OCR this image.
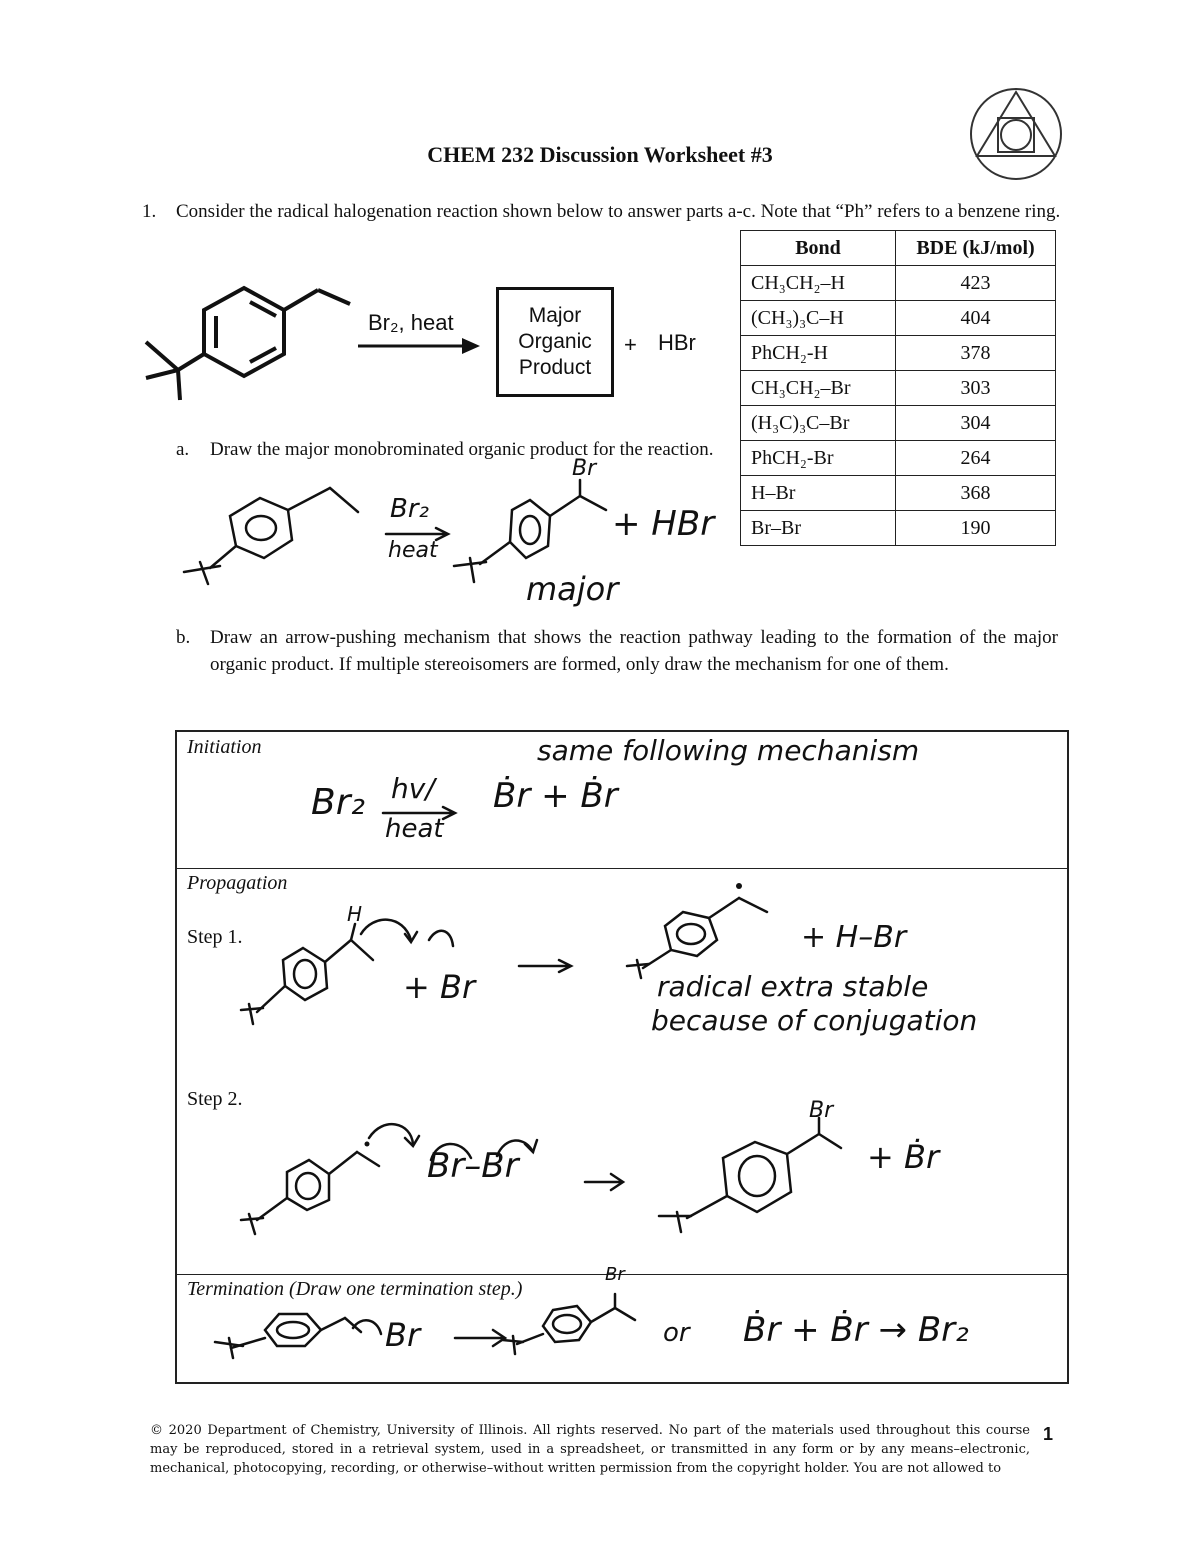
CHEM 232 Discussion Worksheet #3
1. Consider the radical halogenation reaction shown below to answer parts a-c. Note that “Ph” refers to a benzene ring.
Br₂, heat	Major
Organic
Product
+ HBr
Bond	BDE (kJ/mol)
CH₃CH₂–H	423
(CH₃)₃C–H	404
PhCH₂-H	378
CH₃CH₂–Br	303
(H₃C)₃C–Br	304
PhCH₂-Br	264
H–Br	368
Br–Br	190
a. Draw the major monobrominated organic product for the reaction.
Br₂
heat
Br
+ HBr
major
b. Draw an arrow-pushing mechanism that shows the reaction pathway leading to the formation of the major organic product. If multiple stereoisomers are formed, only draw the mechanism for one of them.
Initiation	same following mechanism
Br₂ hv/
heat
Ḃr + Ḃr
Propagation
Step 1.
H
+ Br
+ H–Br
radical extra stable
because of conjugation
Step 2.
Br–Br
Br
+ Ḃr
Termination (Draw one termination step.)
Br
Br
or Ḃr + Ḃr → Br₂
© 2020 Department of Chemistry, University of Illinois. All rights reserved. No part of the materials used throughout this course may be reproduced, stored in a retrieval system, used in a spreadsheet, or transmitted in any form or by any means–electronic, mechanical, photocopying, recording, or otherwise–without written permission from the copyright holder. You are not allowed to
1
